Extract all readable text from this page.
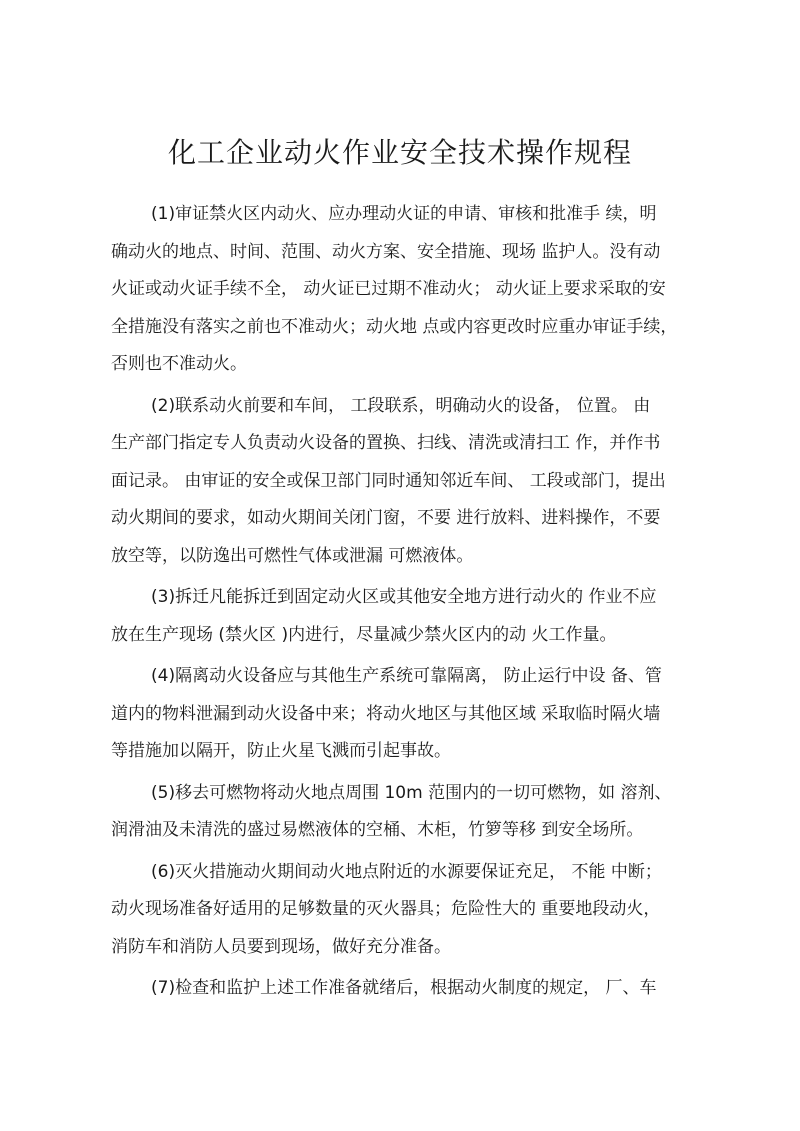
化工企业动火作业安全技术操作规程

(1)审证禁火区内动火、应办理动火证的申请、审核和批准手 续，明
确动火的地点、时间、范围、动火方案、安全措施、现场 监护人。没有动
火证或动火证手续不全， 动火证已过期不准动火； 动火证上要求采取的安
全措施没有落实之前也不准动火；动火地 点或内容更改时应重办审证手续，
否则也不准动火。

(2)联系动火前要和车间， 工段联系，明确动火的设备， 位置。 由
生产部门指定专人负责动火设备的置换、扫线、清洗或清扫工 作，并作书
面记录。 由审证的安全或保卫部门同时通知邻近车间、 工段或部门，提出
动火期间的要求，如动火期间关闭门窗，不要 进行放料、进料操作，不要
放空等，以防逸出可燃性气体或泄漏 可燃液体。

(3)拆迁凡能拆迁到固定动火区或其他安全地方进行动火的 作业不应
放在生产现场 (禁火区 )内进行，尽量减少禁火区内的动 火工作量。

(4)隔离动火设备应与其他生产系统可靠隔离， 防止运行中设 备、管
道内的物料泄漏到动火设备中来；将动火地区与其他区域 采取临时隔火墙
等措施加以隔开，防止火星飞溅而引起事故。

(5)移去可燃物将动火地点周围 10m 范围内的一切可燃物，如 溶剂、
润滑油及未清洗的盛过易燃液体的空桶、木柜，竹箩等移 到安全场所。

(6)灭火措施动火期间动火地点附近的水源要保证充足， 不能 中断；
动火现场准备好适用的足够数量的灭火器具；危险性大的 重要地段动火，
消防车和消防人员要到现场，做好充分准备。

(7)检查和监护上述工作准备就绪后，根据动火制度的规定， 厂、车
